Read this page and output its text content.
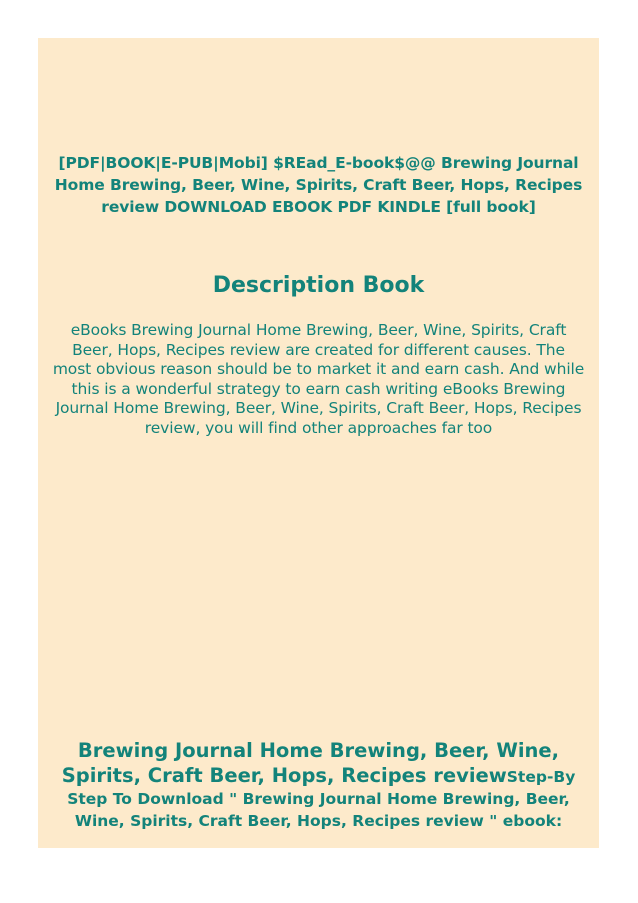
[PDF|BOOK|E-PUB|Mobi] $REad_E-book$@@ Brewing Journal Home Brewing, Beer, Wine, Spirits, Craft Beer, Hops, Recipes review DOWNLOAD EBOOK PDF KINDLE [full book]

Description Book

eBooks Brewing Journal Home Brewing, Beer, Wine, Spirits, Craft Beer, Hops, Recipes review are created for different causes. The most obvious reason should be to market it and earn cash. And while this is a wonderful strategy to earn cash writing eBooks Brewing Journal Home Brewing, Beer, Wine, Spirits, Craft Beer, Hops, Recipes review, you will find other approaches far too

Brewing Journal Home Brewing, Beer, Wine, Spirits, Craft Beer, Hops, Recipes reviewStep-By Step To Download " Brewing Journal Home Brewing, Beer, Wine, Spirits, Craft Beer, Hops, Recipes review " ebook:
